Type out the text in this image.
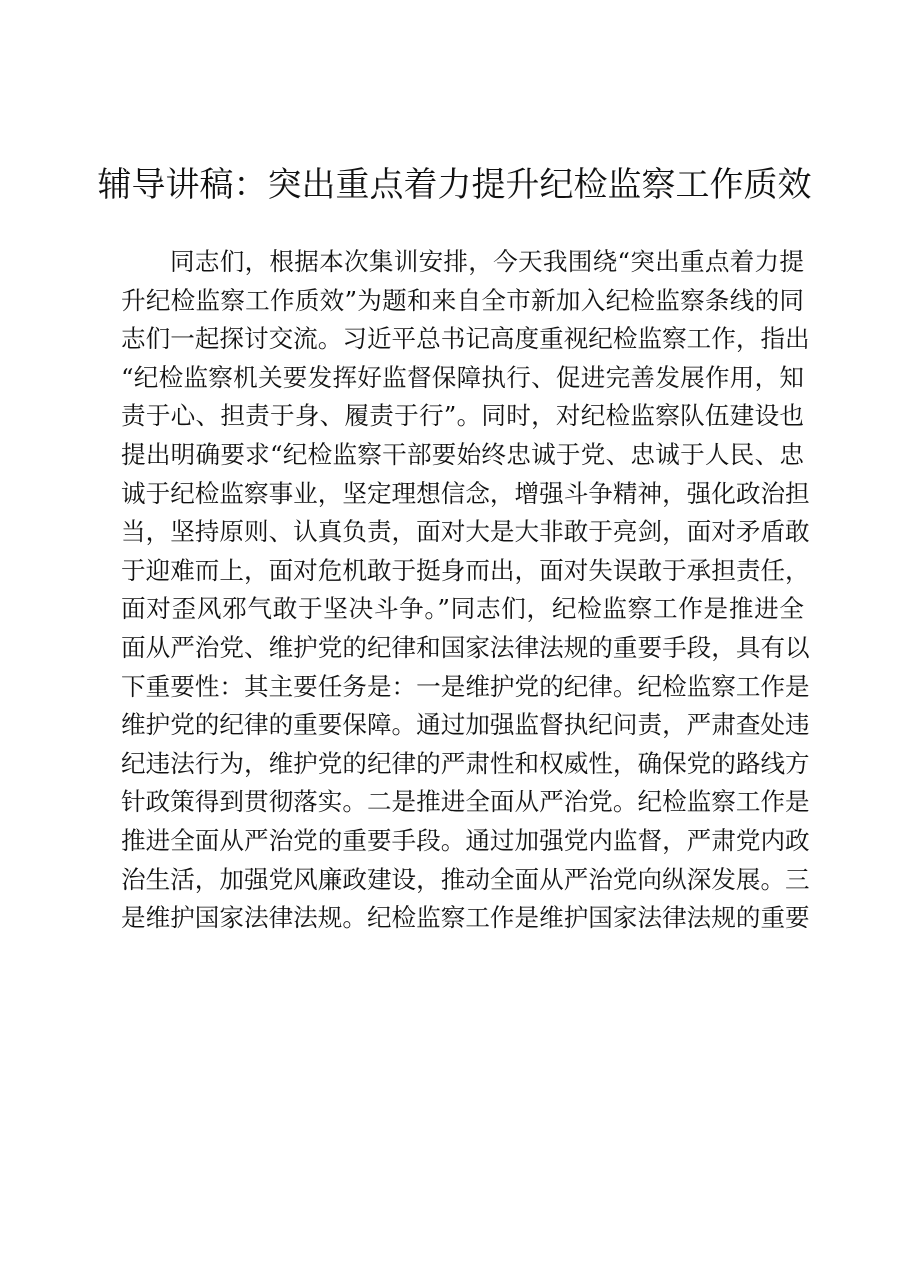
辅导讲稿：突出重点着力提升纪检监察工作质效
同志们，根据本次集训安排，今天我围绕“突出重点着力提
升纪检监察工作质效”为题和来自全市新加入纪检监察条线的同
志们一起探讨交流。习近平总书记高度重视纪检监察工作，指出
“纪检监察机关要发挥好监督保障执行、促进完善发展作用，知
责于心、担责于身、履责于行”。同时，对纪检监察队伍建设也
提出明确要求“纪检监察干部要始终忠诚于党、忠诚于人民、忠
诚于纪检监察事业，坚定理想信念，增强斗争精神，强化政治担
当，坚持原则、认真负责，面对大是大非敢于亮剑，面对矛盾敢
于迎难而上，面对危机敢于挺身而出，面对失误敢于承担责任，
面对歪风邪气敢于坚决斗争。”同志们，纪检监察工作是推进全
面从严治党、维护党的纪律和国家法律法规的重要手段，具有以
下重要性：其主要任务是：一是维护党的纪律。纪检监察工作是
维护党的纪律的重要保障。通过加强监督执纪问责，严肃查处违
纪违法行为，维护党的纪律的严肃性和权威性，确保党的路线方
针政策得到贯彻落实。二是推进全面从严治党。纪检监察工作是
推进全面从严治党的重要手段。通过加强党内监督，严肃党内政
治生活，加强党风廉政建设，推动全面从严治党向纵深发展。三
是维护国家法律法规。纪检监察工作是维护国家法律法规的重要
